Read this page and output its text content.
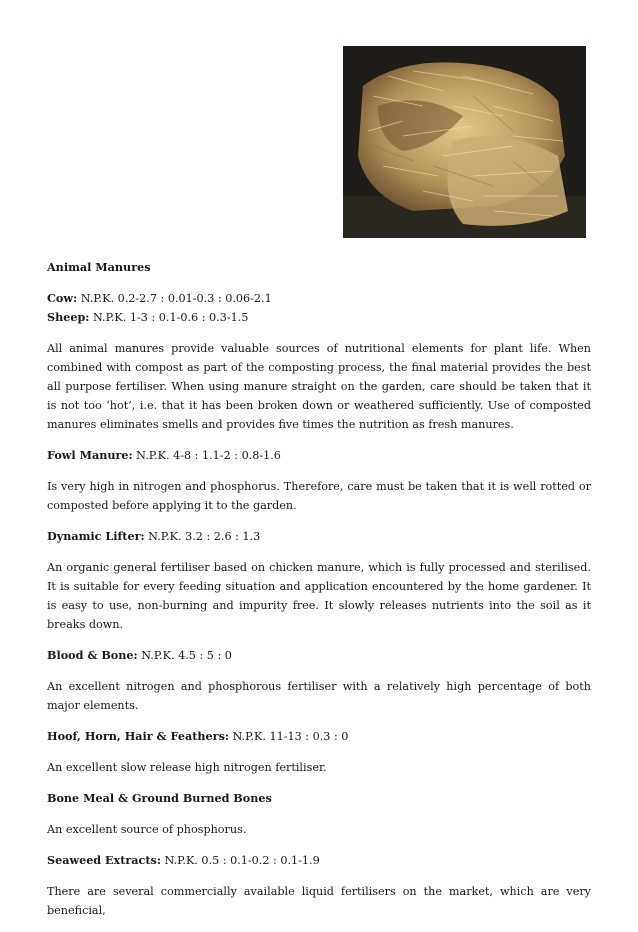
Animal Manures

Cow: N.P.K. 0.2-2.7 : 0.01-0.3 : 0.06-2.1

Sheep: N.P.K. 1-3 : 0.1-0.6 : 0.3-1.5

All animal manures provide valuable sources of nutritional elements for plant life. When combined with compost as part of the composting process, the final material provides the best all purpose fertiliser. When using manure straight on the garden, care should be taken that it is not too ‘hot’, i.e. that it has been broken down or weathered sufficiently. Use of composted manures eliminates smells and provides five times the nutrition as fresh manures.

Fowl Manure: N.P.K. 4-8 : 1.1-2 : 0.8-1.6

Is very high in nitrogen and phosphorus. Therefore, care must be taken that it is well rotted or composted before applying it to the garden.

Dynamic Lifter: N.P.K. 3.2 : 2.6 : 1.3

An organic general fertiliser based on chicken manure, which is fully processed and sterilised. It is suitable for every feeding situation and application encountered by the home gardener. It is easy to use, non-burning and impurity free. It slowly releases nutrients into the soil as it breaks down.

Blood & Bone: N.P.K. 4.5 : 5 : 0

An excellent nitrogen and phosphorous fertiliser with a relatively high percentage of both major elements.

Hoof, Horn, Hair & Feathers: N.P.K. 11-13 : 0.3 : 0

An excellent slow release high nitrogen fertiliser.

Bone Meal & Ground Burned Bones

An excellent source of phosphorus.

Seaweed Extracts: N.P.K. 0.5 : 0.1-0.2 : 0.1-1.9

There are several commercially available liquid fertilisers on the market, which are very beneficial,
